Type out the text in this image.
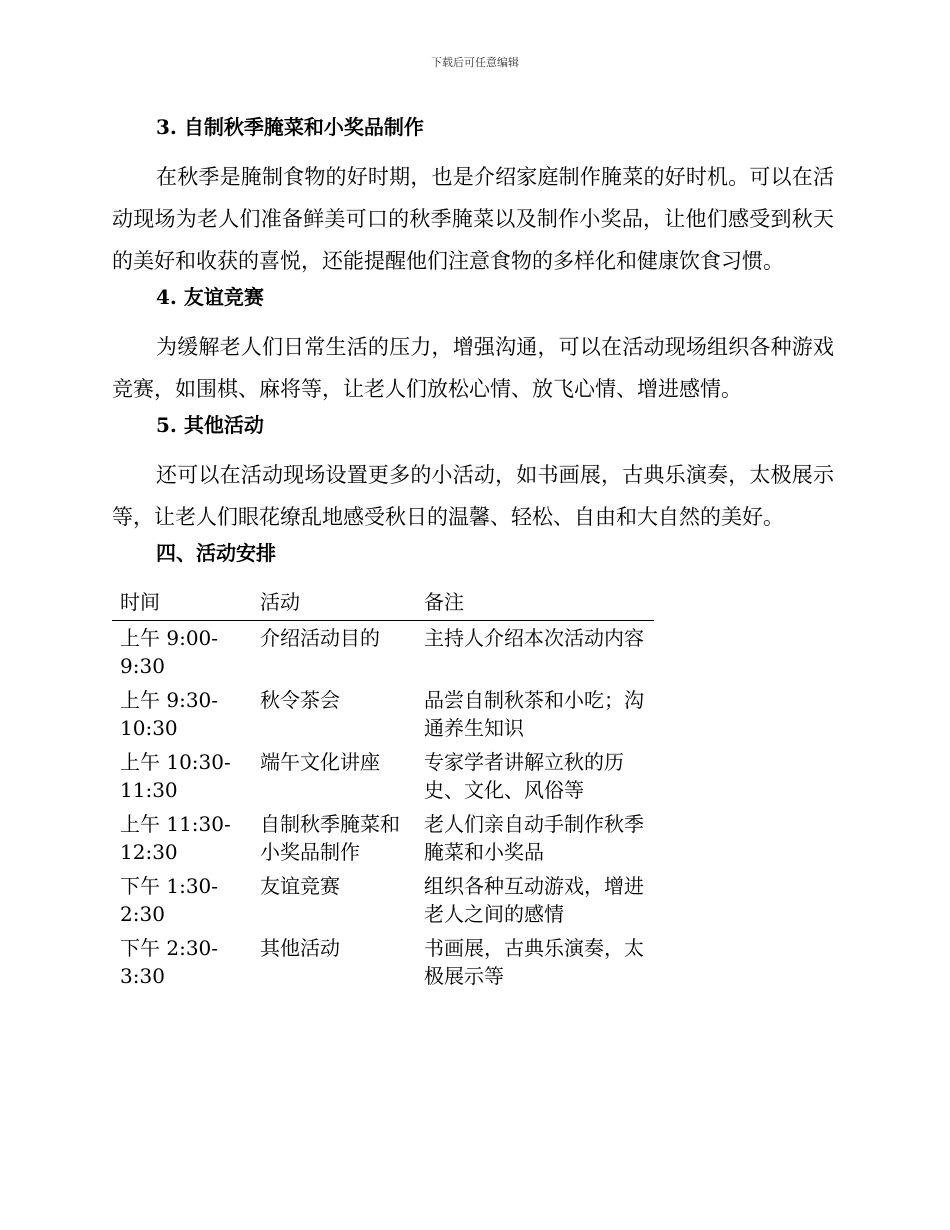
下载后可任意编辑
3. 自制秋季腌菜和小奖品制作

在秋季是腌制食物的好时期，也是介绍家庭制作腌菜的好时机。可以在活动现场为老人们准备鲜美可口的秋季腌菜以及制作小奖品，让他们感受到秋天的美好和收获的喜悦，还能提醒他们注意食物的多样化和健康饮食习惯。

4. 友谊竞赛

为缓解老人们日常生活的压力，增强沟通，可以在活动现场组织各种游戏竞赛，如围棋、麻将等，让老人们放松心情、放飞心情、增进感情。

5. 其他活动

还可以在活动现场设置更多的小活动，如书画展，古典乐演奏，太极展示等，让老人们眼花缭乱地感受秋日的温馨、轻松、自由和大自然的美好。

四、活动安排
时间	活动	备注
上午 9:00-9:30	介绍活动目的	主持人介绍本次活动内容
上午 9:30-10:30	秋令茶会	品尝自制秋茶和小吃；沟通养生知识
上午 10:30-11:30	端午文化讲座	专家学者讲解立秋的历史、文化、风俗等
上午 11:30-12:30	自制秋季腌菜和小奖品制作	老人们亲自动手制作秋季腌菜和小奖品
下午 1:30-2:30	友谊竞赛	组织各种互动游戏，增进老人之间的感情
下午 2:30-3:30	其他活动	书画展，古典乐演奏，太极展示等
